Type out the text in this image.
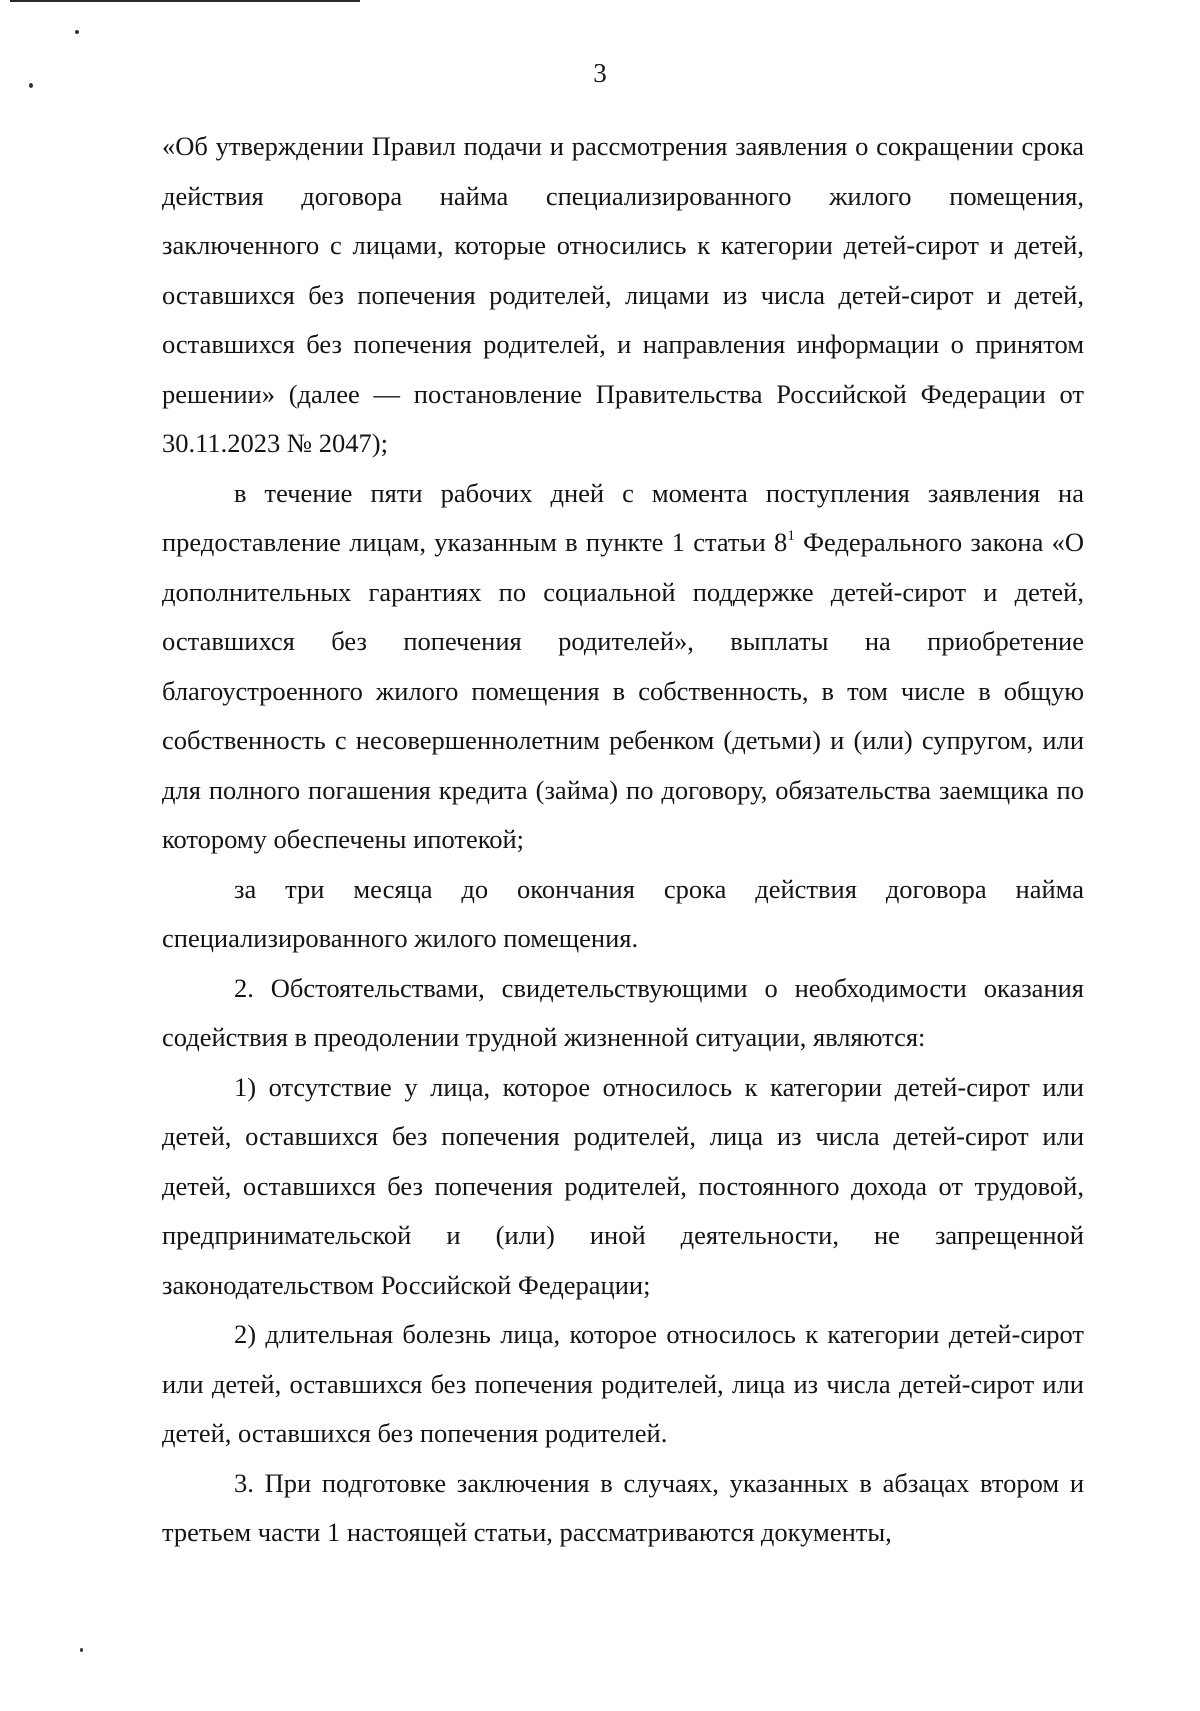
3

«Об утверждении Правил подачи и рассмотрения заявления о сокращении срока действия договора найма специализированного жилого помещения, заключенного с лицами, которые относились к категории детей-сирот и детей, оставшихся без попечения родителей, лицами из числа детей-сирот и детей, оставшихся без попечения родителей, и направления информации о принятом решении» (далее — постановление Правительства Российской Федерации от 30.11.2023 № 2047);

в течение пяти рабочих дней с момента поступления заявления на предоставление лицам, указанным в пункте 1 статьи $8^1$ Федерального закона «О дополнительных гарантиях по социальной поддержке детей-сирот и детей, оставшихся без попечения родителей», выплаты на приобретение благоустроенного жилого помещения в собственность, в том числе в общую собственность с несовершеннолетним ребенком (детьми) и (или) супругом, или для полного погашения кредита (займа) по договору, обязательства заемщика по которому обеспечены ипотекой;

за три месяца до окончания срока действия договора найма специализированного жилого помещения.

2. Обстоятельствами, свидетельствующими о необходимости оказания содействия в преодолении трудной жизненной ситуации, являются:

1) отсутствие у лица, которое относилось к категории детей-сирот или детей, оставшихся без попечения родителей, лица из числа детей-сирот или детей, оставшихся без попечения родителей, постоянного дохода от трудовой, предпринимательской и (или) иной деятельности, не запрещенной законодательством Российской Федерации;

2) длительная болезнь лица, которое относилось к категории детей-сирот или детей, оставшихся без попечения родителей, лица из числа детей-сирот или детей, оставшихся без попечения родителей.

3. При подготовке заключения в случаях, указанных в абзацах втором и третьем части 1 настоящей статьи, рассматриваются документы,
